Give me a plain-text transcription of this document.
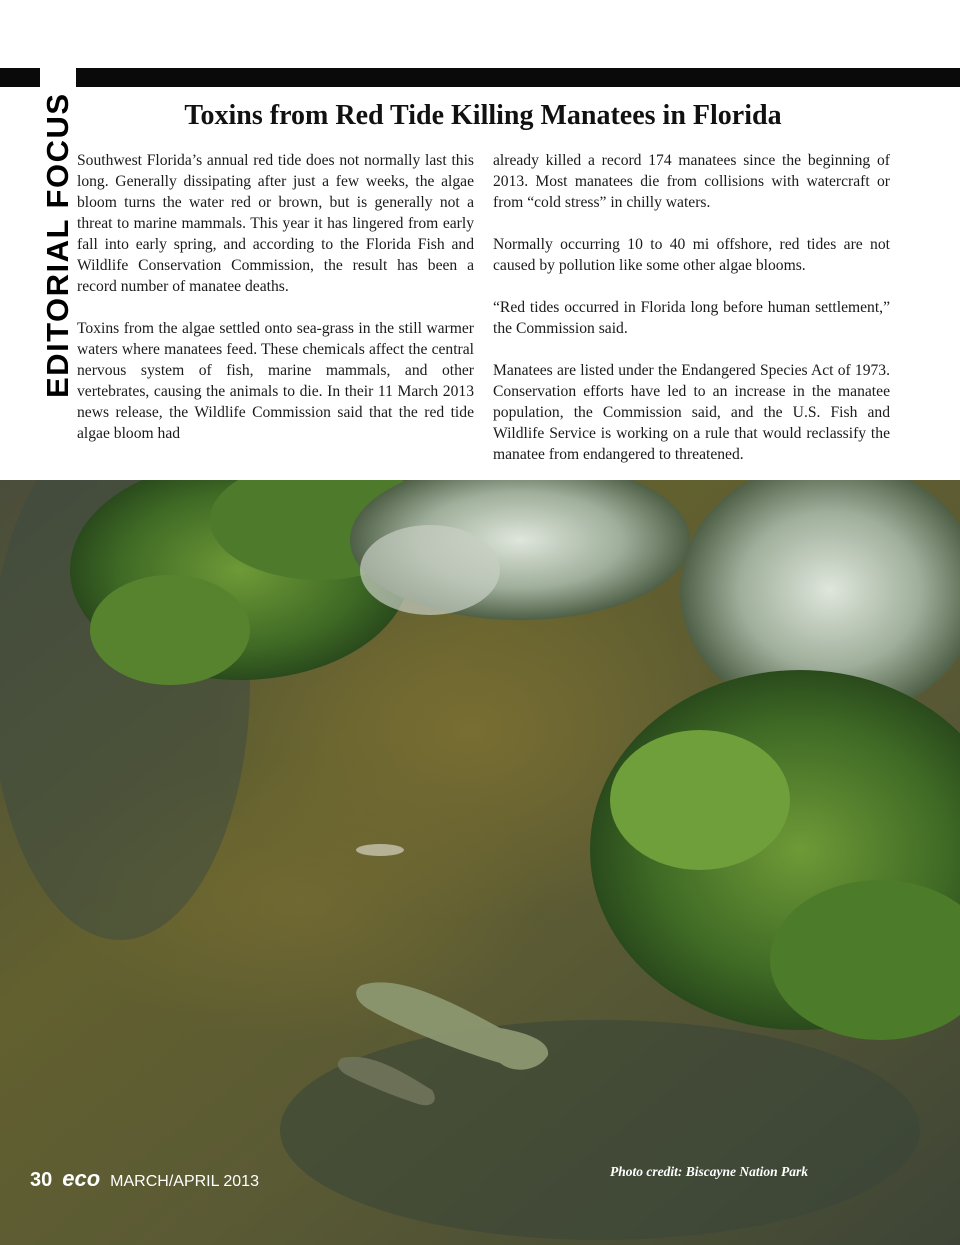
EDITORIAL FOCUS	Toxins from Red Tide Killing Manatees in Florida

Southwest Florida’s annual red tide does not normally last this long. Generally dissipating after just a few weeks, the algae bloom turns the water red or brown, but is generally not a threat to marine mammals. This year it has lingered from early fall into early spring, and according to the Florida Fish and Wildlife Conservation Commission, the result has been a record number of manatee deaths.

Toxins from the algae settled onto sea-grass in the still warmer waters where manatees feed. These chemicals affect the central nervous system of fish, marine mammals, and other vertebrates, causing the animals to die. In their 11 March 2013 news release, the Wildlife Commission said that the red tide algae bloom had

already killed a record 174 manatees since the beginning of 2013. Most manatees die from collisions with watercraft or from “cold stress” in chilly waters.

Normally occurring 10 to 40 mi offshore, red tides are not caused by pollution like some other algae blooms.

“Red tides occurred in Florida long before human settlement,” the Commission said.

Manatees are listed under the Endangered Species Act of 1973. Conservation efforts have led to an increase in the manatee population, the Commission said, and the U.S. Fish and Wildlife Service is working on a rule that would reclassify the manatee from endangered to threatened.

30 eco MARCH/APRIL 2013
Photo credit: Biscayne Nation Park
